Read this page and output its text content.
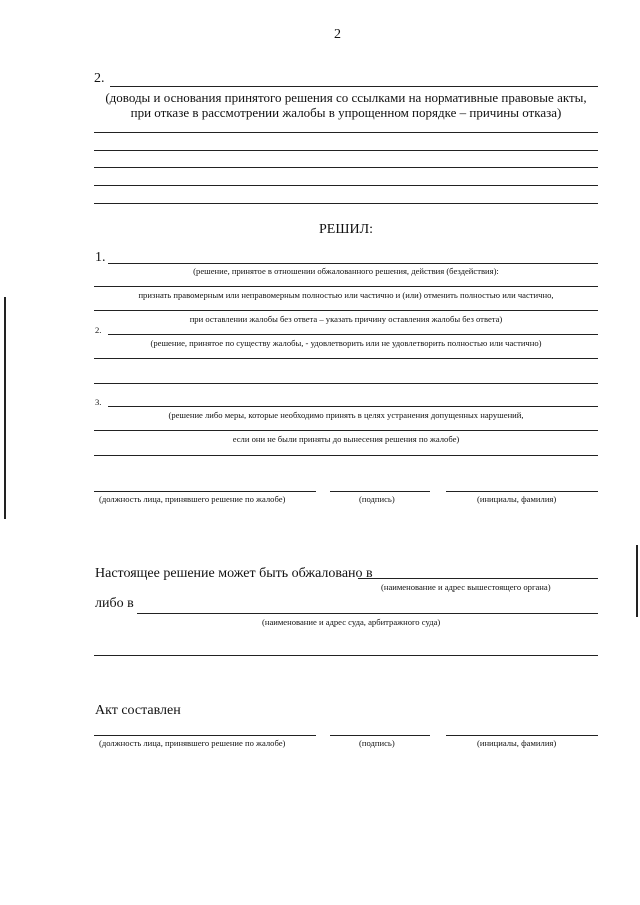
2
2.
(доводы и основания принятого решения со ссылками на нормативные правовые акты,
при отказе в рассмотрении жалобы в упрощенном порядке – причины отказа)
РЕШИЛ:
1.
(решение, принятое в отношении обжалованного решения, действия (бездействия):
признать правомерным или неправомерным полностью или частично и (или) отменить полностью или частично,
при оставлении жалобы без ответа – указать причину оставления жалобы без ответа)
2.
(решение, принятое по существу жалобы, - удовлетворить или не удовлетворить полностью или частично)
3.
(решение либо меры, которые необходимо принять в целях устранения допущенных нарушений,
если они не были приняты до вынесения решения по жалобе)
(должность лица, принявшего решение по жалобе)	(подпись)	(инициалы, фамилия)
Настоящее решение может быть обжаловано в
(наименование и адрес вышестоящего органа)
либо в
(наименование и адрес суда, арбитражного суда)
Акт составлен
(должность лица, принявшего решение по жалобе)	(подпись)	(инициалы, фамилия)
